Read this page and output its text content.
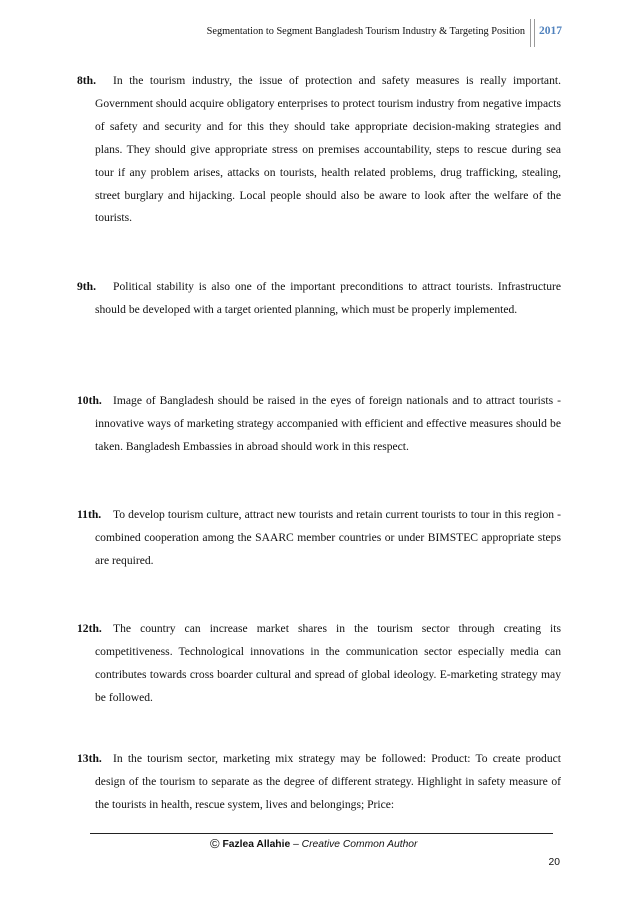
Segmentation to Segment Bangladesh Tourism Industry & Targeting Position 2017
8th. In the tourism industry, the issue of protection and safety measures is really important. Government should acquire obligatory enterprises to protect tourism industry from negative impacts of safety and security and for this they should take appropriate decision-making strategies and plans. They should give appropriate stress on premises accountability, steps to rescue during sea tour if any problem arises, attacks on tourists, health related problems, drug trafficking, stealing, street burglary and hijacking. Local people should also be aware to look after the welfare of the tourists.
9th. Political stability is also one of the important preconditions to attract tourists. Infrastructure should be developed with a target oriented planning, which must be properly implemented.
10th. Image of Bangladesh should be raised in the eyes of foreign nationals and to attract tourists -innovative ways of marketing strategy accompanied with efficient and effective measures should be taken. Bangladesh Embassies in abroad should work in this respect.
11th. To develop tourism culture, attract new tourists and retain current tourists to tour in this region - combined cooperation among the SAARC member countries or under BIMSTEC appropriate steps are required.
12th. The country can increase market shares in the tourism sector through creating its competitiveness. Technological innovations in the communication sector especially media can contributes towards cross boarder cultural and spread of global ideology. E-marketing strategy may be followed.
13th. In the tourism sector, marketing mix strategy may be followed: Product: To create product design of the tourism to separate as the degree of different strategy. Highlight in safety measure of the tourists in health, rescue system, lives and belongings; Price:
© Fazlea Allahie – Creative Common Author
20
